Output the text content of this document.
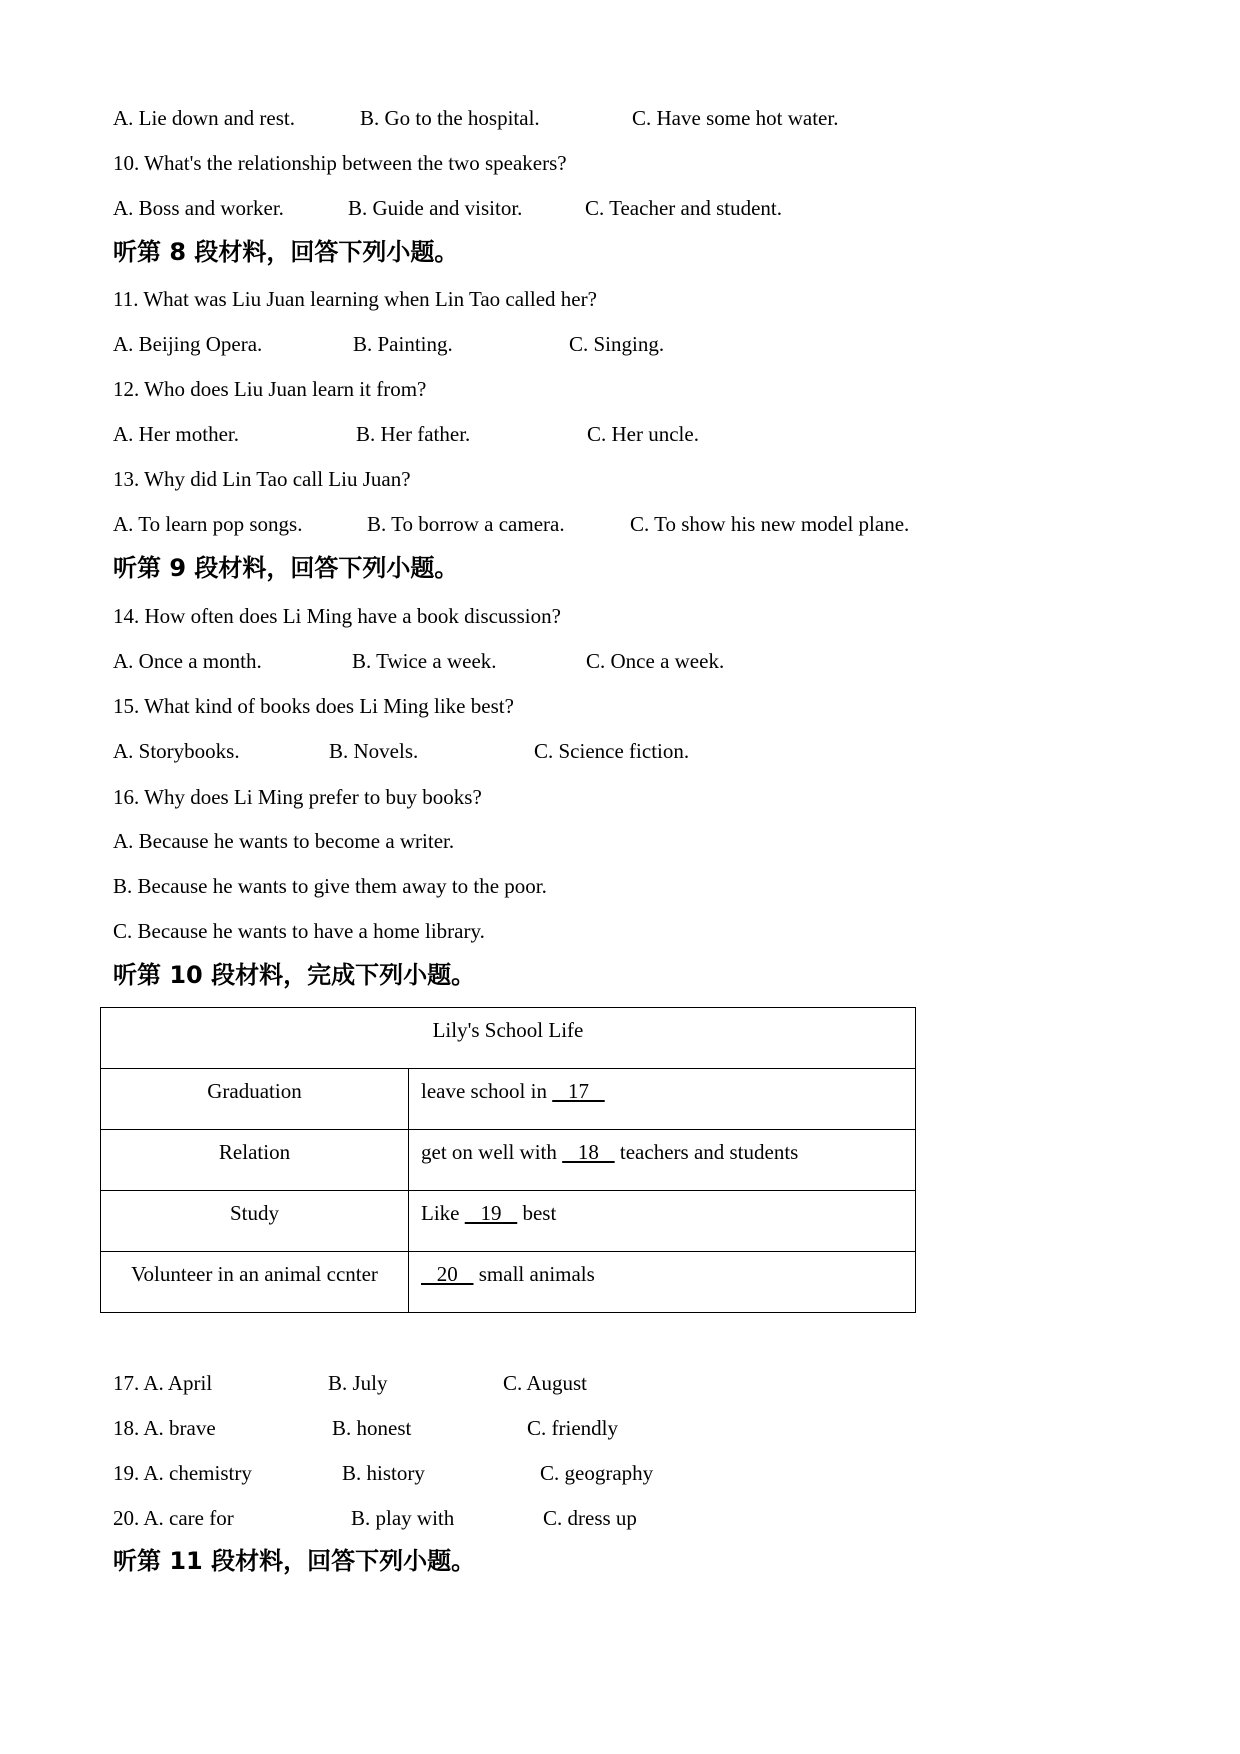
A. Lie down and rest.	B. Go to the hospital.	C. Have some hot water.
10. What's the relationship between the two speakers?
A. Boss and worker.	B. Guide and visitor.	C. Teacher and student.
听第 8 段材料，回答下列小题。
11. What was Liu Juan learning when Lin Tao called her?
A. Beijing Opera.	B. Painting.	C. Singing.
12. Who does Liu Juan learn it from?
A. Her mother.	B. Her father.	C. Her uncle.
13. Why did Lin Tao call Liu Juan?
A. To learn pop songs.	B. To borrow a camera.	C. To show his new model plane.
听第 9 段材料，回答下列小题。
14. How often does Li Ming have a book discussion?
A. Once a month.	B. Twice a week.	C. Once a week.
15. What kind of books does Li Ming like best?
A. Storybooks.	B. Novels.	C. Science fiction.
16. Why does Li Ming prefer to buy books?
A. Because he wants to become a writer.
B. Because he wants to give them away to the poor.
C. Because he wants to have a home library.
听第 10 段材料，完成下列小题。
Lily's School Life	
Graduation	leave school in    17
Relation	get on well with    18    teachers and students
Study	Like    19    best
Volunteer in an animal ccnter	20    small animals
17. A. April	B. July	C. August
18. A. brave	B. honest	C. friendly
19. A. chemistry	B. history	C. geography
20. A. care for	B. play with	C. dress up
听第 11 段材料，回答下列小题。
